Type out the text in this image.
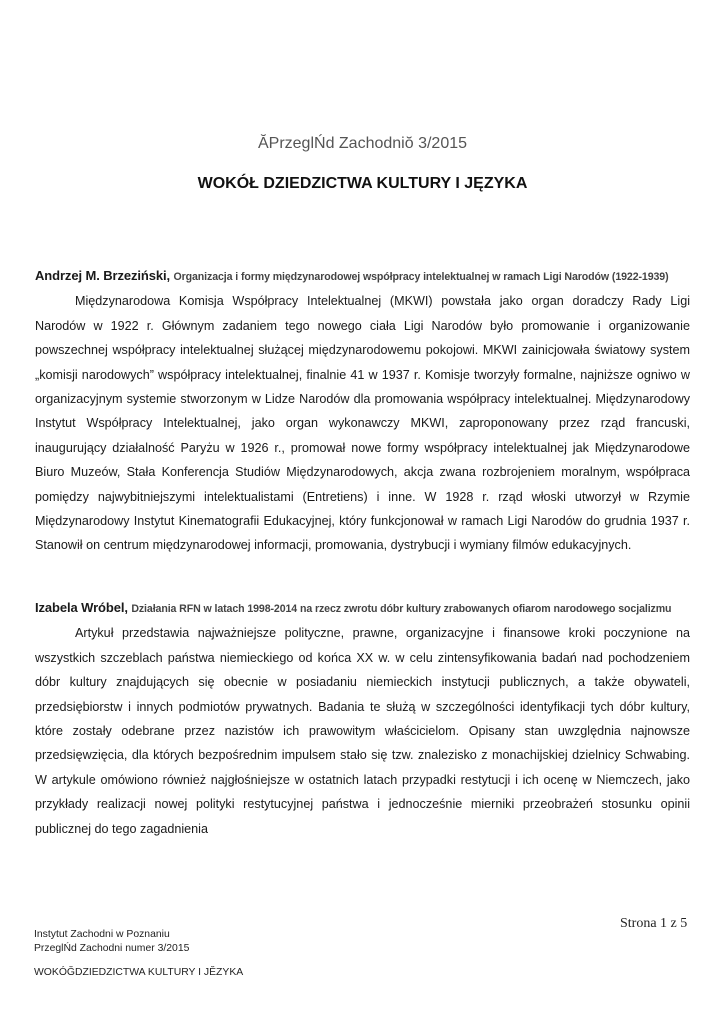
ĂPrzeglŃd Zachodniŏ 3/2015
WOKÓŁ DZIEDZICTWA KULTURY I JĘZYKA
Andrzej M. Brzeziński, Organizacja i formy międzynarodowej współpracy intelektualnej w ramach Ligi Narodów (1922-1939)

Międzynarodowa Komisja Współpracy Intelektualnej (MKWI) powstała jako organ doradczy Rady Ligi Narodów w 1922 r. Głównym zadaniem tego nowego ciała Ligi Narodów było promowanie i organizowanie powszechnej współpracy intelektualnej służącej międzynarodowemu pokojowi. MKWI zainicjowała światowy system „komisji narodowych” współpracy intelektualnej, finalnie 41 w 1937 r. Komisje tworzyły formalne, najniższe ogniwo w organizacyjnym systemie stworzonym w Lidze Narodów dla promowania współpracy intelektualnej. Międzynarodowy Instytut Współpracy Intelektualnej, jako organ wykonawczy MKWI, zaproponowany przez rząd francuski, inaugurujący działalność Paryżu w 1926 r., promował nowe formy współpracy intelektualnej jak Międzynarodowe Biuro Muzeów, Stała Konferencja Studiów Międzynarodowych, akcja zwana rozbrojeniem moralnym, współpraca pomiędzy najwybitniejszymi intelektualistami (Entretiens) i inne. W 1928 r. rząd włoski utworzył w Rzymie Międzynarodowy Instytut Kinematografii Edukacyjnej, który funkcjonował w ramach Ligi Narodów do grudnia 1937 r. Stanowił on centrum międzynarodowej informacji, promowania, dystrybucji i wymiany filmów edukacyjnych.

Izabela Wróbel, Działania RFN w latach 1998-2014 na rzecz zwrotu dóbr kultury zrabowanych ofiarom narodowego socjalizmu

Artykuł przedstawia najważniejsze polityczne, prawne, organizacyjne i finansowe kroki poczynione na wszystkich szczeblach państwa niemieckiego od końca XX w. w celu zintensyfikowania badań nad pochodzeniem dóbr kultury znajdujących się obecnie w posiadaniu niemieckich instytucji publicznych, a także obywateli, przedsiębiorstw i innych podmiotów prywatnych. Badania te służą w szczególności identyfikacji tych dóbr kultury, które zostały odebrane przez nazistów ich prawowitym właścicielom. Opisany stan uwzględnia najnowsze przedsięwzięcia, dla których bezpośrednim impulsem stało się tzw. znalezisko z monachijskiej dzielnicy Schwabing. W artykule omówiono również najgłośniejsze w ostatnich latach przypadki restytucji i ich ocenę w Niemczech, jako przykłady realizacji nowej polityki restytucyjnej państwa i jednocześnie mierniki przeobrażeń stosunku opinii publicznej do tego zagadnienia

Strona 1 z 5
Instytut Zachodni w Poznaniu
PrzeglŃd Zachodni numer 3/2015
WOKÓĞDZIEDZICTWA KULTURY I JĔZYKA
